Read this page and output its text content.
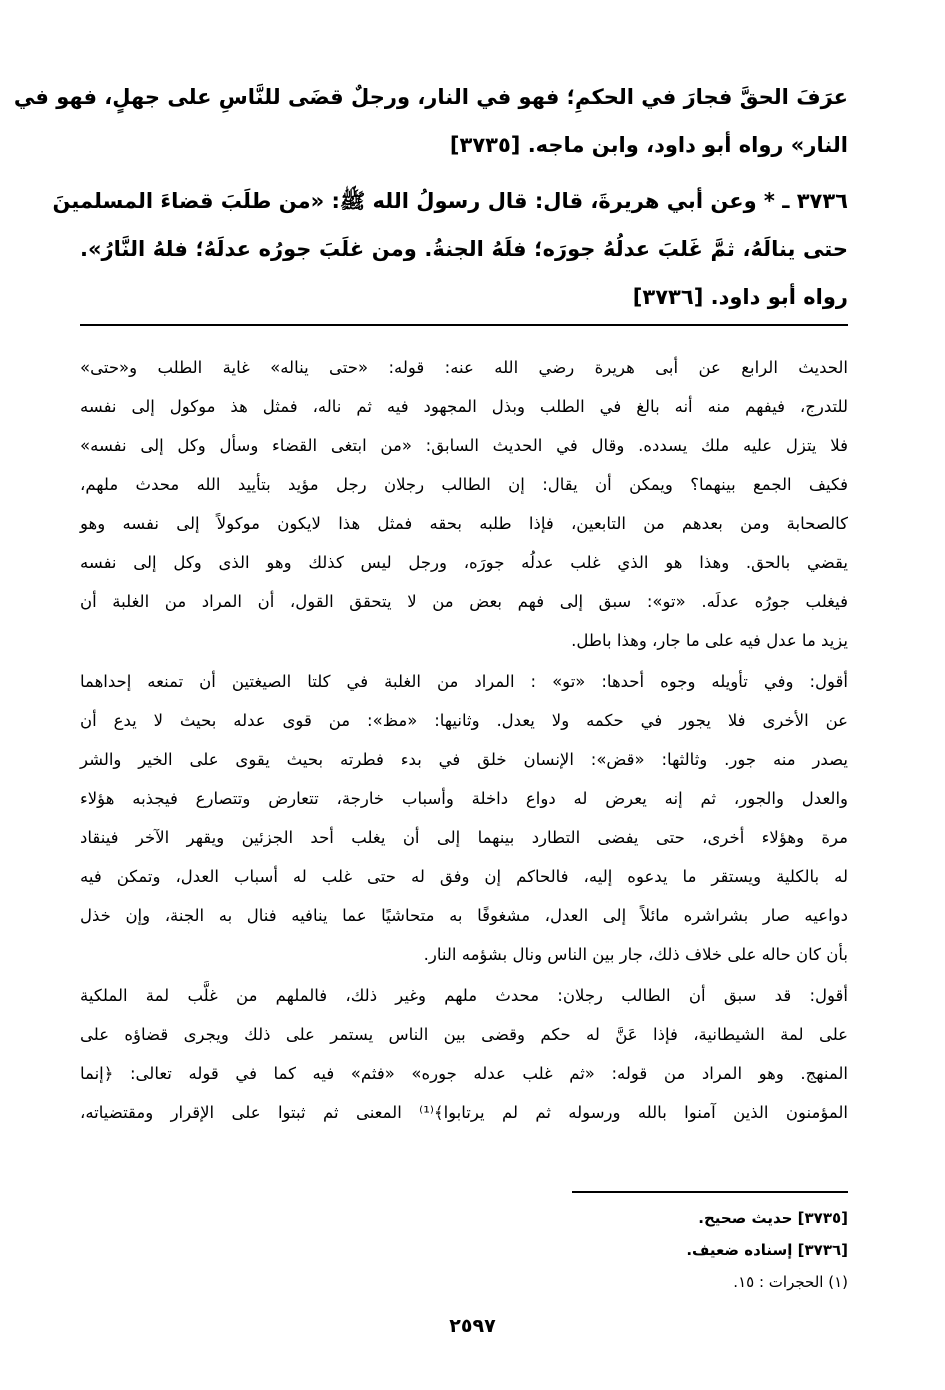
عرَفَ الحقَّ فجارَ في الحكمِ؛ فهو في النار، ورجلٌ قضَى للنَّاسِ على جهلٍ، فهو في
النار» رواه أبو داود، وابن ماجه. [٣٧٣٥]
٣٧٣٦ ـ * وعن أبي هريرةَ، قال: قال رسولُ الله ﷺ: «من طلَبَ قضاءَ المسلمينَ
حتى ينالَهُ، ثمَّ غَلبَ عدلُهُ جورَه؛ فلَهُ الجنةُ. ومن غلَبَ جورُه عدلَهُ؛ فلهُ النَّارُ».
رواه أبو داود. [٣٧٣٦]
الحديث الرابع عن أبى هريرة رضي الله عنه: قوله: «حتى يناله» غاية الطلب و«حتى»
للتدرج، فيفهم منه أنه بالغ في الطلب وبذل المجهود فيه ثم ناله، فمثل هذ موكول إلى نفسه
فلا يتزل عليه ملك يسدده. وقال في الحديث السابق: «من ابتغى القضاء وسأل وكل إلى نفسه»
فكيف الجمع بينهما؟ ويمكن أن يقال: إن الطالب رجلان رجل مؤيد بتأييد الله محدث ملهم،
كالصحابة ومن بعدهم من التابعين، فإذا طلبه بحقه فمثل هذا لايكون موكولاً إلى نفسه وهو
يقضي بالحق. وهذا هو الذي غلب عدلُه جورَه، ورجل ليس كذلك وهو الذى وكل إلى نفسه
فيغلب جورُه عدلَه. «تو»: سبق إلى فهم بعض من لا يتحقق القول، أن المراد من الغلبة أن
يزيد ما عدل فيه على ما جار، وهذا باطل.
أقول: وفي تأويله وجوه أحدها: «تو» : المراد من الغلبة في كلتا الصيغتين أن تمنعه إحداهما
عن الأخرى فلا يجور في حكمه ولا يعدل. وثانيها: «مظ»: من قوى عدله بحيث لا يدع أن
يصدر منه جور. وثالثها: «قض»: الإنسان خلق في بدء فطرته بحيث يقوى على الخير والشر
والعدل والجور، ثم إنه يعرض له دواع داخلة وأسباب خارجة، تتعارض وتتصارع فيجذبه هؤلاء
مرة وهؤلاء أخرى، حتى يفضى التطارد بينهما إلى أن يغلب أحد الجزئين ويقهر الآخر فينقاد
له بالكلية ويستقر ما يدعوه إليه، فالحاكم إن وفق له حتى غلب له أسباب العدل، وتمكن فيه
دواعيه صار بشراشره مائلاً إلى العدل، مشغوفًا به متحاشيًا عما ينافيه فنال به الجنة، وإن خذل
بأن كان حاله على خلاف ذلك، جار بين الناس ونال بشؤمه النار.
أقول: قد سبق أن الطالب رجلان: محدث ملهم وغير ذلك، فالملهم من غلَّب لمة الملكية
على لمة الشيطانية، فإذا عَنَّ له حكم وقضى بين الناس يستمر على ذلك ويجرى قضاؤه على
المنهج. وهو المراد من قوله: «ثم غلب عدله جوره» «فثم» فيه كما في قوله تعالى: ﴿إنما
المؤمنون الذين آمنوا بالله ورسوله ثم لم يرتابوا﴾⁽¹⁾ المعنى ثم ثبتوا على الإقرار ومقتضياته،
[٣٧٣٥] حديث صحيح.
[٣٧٣٦] إسناده ضعيف.
(١) الحجرات : ١٥.
٢٥٩٧
